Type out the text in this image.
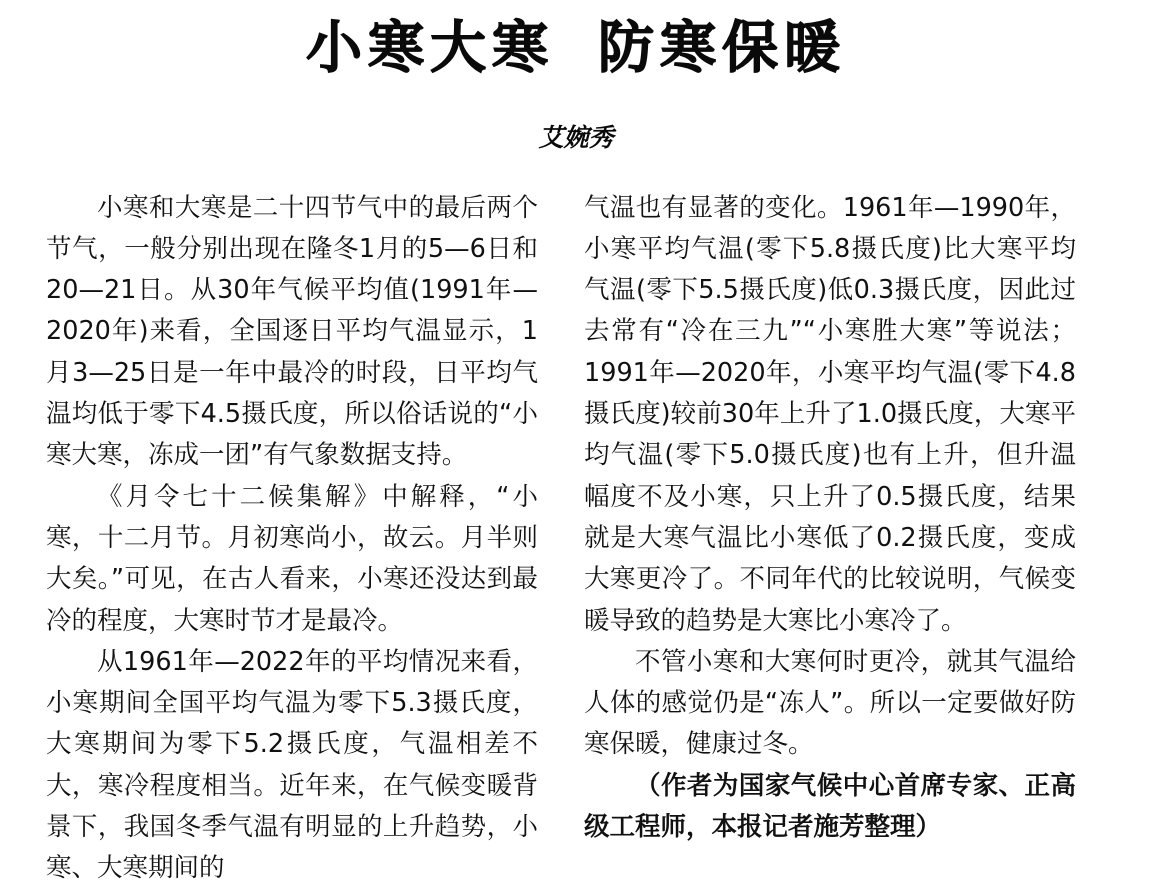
小寒大寒 防寒保暖
艾婉秀

小寒和大寒是二十四节气中的最后两个节气，一般分别出现在隆冬1月的5—6日和20—21日。从30年气候平均值(1991年—2020年)来看，全国逐日平均气温显示，1月3—25日是一年中最冷的时段，日平均气温均低于零下4.5摄氏度，所以俗话说的“小寒大寒，冻成一团”有气象数据支持。

《月令七十二候集解》中解释，“小寒，十二月节。月初寒尚小，故云。月半则大矣。”可见，在古人看来，小寒还没达到最冷的程度，大寒时节才是最冷。

从1961年—2022年的平均情况来看，小寒期间全国平均气温为零下5.3摄氏度，大寒期间为零下5.2摄氏度，气温相差不大，寒冷程度相当。近年来，在气候变暖背景下，我国冬季气温有明显的上升趋势，小寒、大寒期间的

气温也有显著的变化。1961年—1990年，小寒平均气温(零下5.8摄氏度)比大寒平均气温(零下5.5摄氏度)低0.3摄氏度，因此过去常有“冷在三九”“小寒胜大寒”等说法；1991年—2020年，小寒平均气温(零下4.8摄氏度)较前30年上升了1.0摄氏度，大寒平均气温(零下5.0摄氏度)也有上升，但升温幅度不及小寒，只上升了0.5摄氏度，结果就是大寒气温比小寒低了0.2摄氏度，变成大寒更冷了。不同年代的比较说明，气候变暖导致的趋势是大寒比小寒冷了。

不管小寒和大寒何时更冷，就其气温给人体的感觉仍是“冻人”。所以一定要做好防寒保暖，健康过冬。

（作者为国家气候中心首席专家、正高级工程师，本报记者施芳整理）
